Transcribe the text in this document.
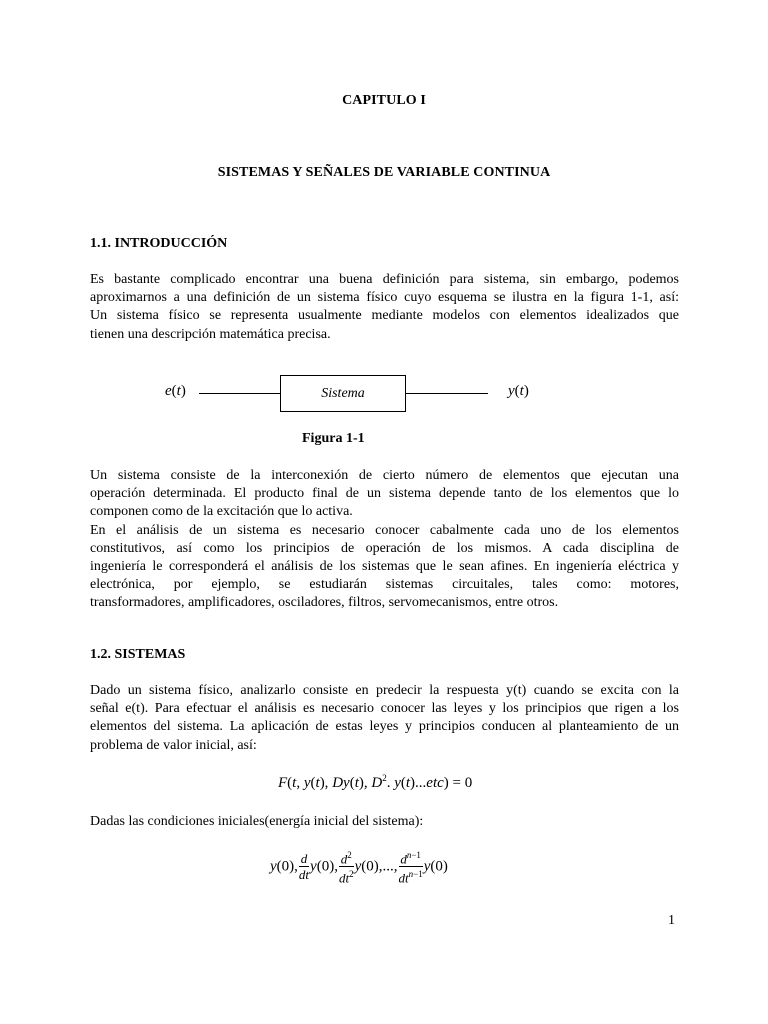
CAPITULO I
SISTEMAS Y SEÑALES DE VARIABLE CONTINUA
1.1. INTRODUCCIÓN
Es bastante complicado encontrar una buena definición para sistema, sin embargo, podemos
aproximarnos a una definición de un sistema físico cuyo esquema se ilustra en la figura 1-1, así:
Un sistema físico se representa usualmente mediante modelos con elementos idealizados que
tienen una descripción matemática precisa.
e(t)	Sistema	y(t)
Figura 1-1
Un sistema consiste de la interconexión de cierto número de elementos que ejecutan una
operación determinada. El producto final de un sistema depende tanto de los elementos que lo
componen como de la excitación que lo activa.
En el análisis de un sistema es necesario conocer cabalmente cada uno de los elementos
constitutivos, así como los principios de operación de los mismos. A cada disciplina de
ingeniería le corresponderá el análisis de los sistemas que le sean afines. En ingeniería eléctrica y
electrónica, por ejemplo, se estudiarán sistemas circuitales, tales como: motores,
transformadores, amplificadores, osciladores, filtros, servomecanismos, entre otros.
1.2. SISTEMAS
Dado un sistema físico, analizarlo consiste en predecir la respuesta y(t) cuando se excita con la
señal e(t). Para efectuar el análisis es necesario conocer las leyes y los principios que rigen a los
elementos del sistema. La aplicación de estas leyes y principios conducen al planteamiento de un
problema de valor inicial, así:
F(t, y(t), Dy(t), $D^2$. y(t)...etc) = 0
Dadas las condiciones iniciales(energía inicial del sistema):
y(0), $\frac{d}{dt} y(0)$, $\frac{d^2}{dt^2} y(0)$,..., $\frac{d^{n-1}}{dt^{n-1}} y(0)$
1
